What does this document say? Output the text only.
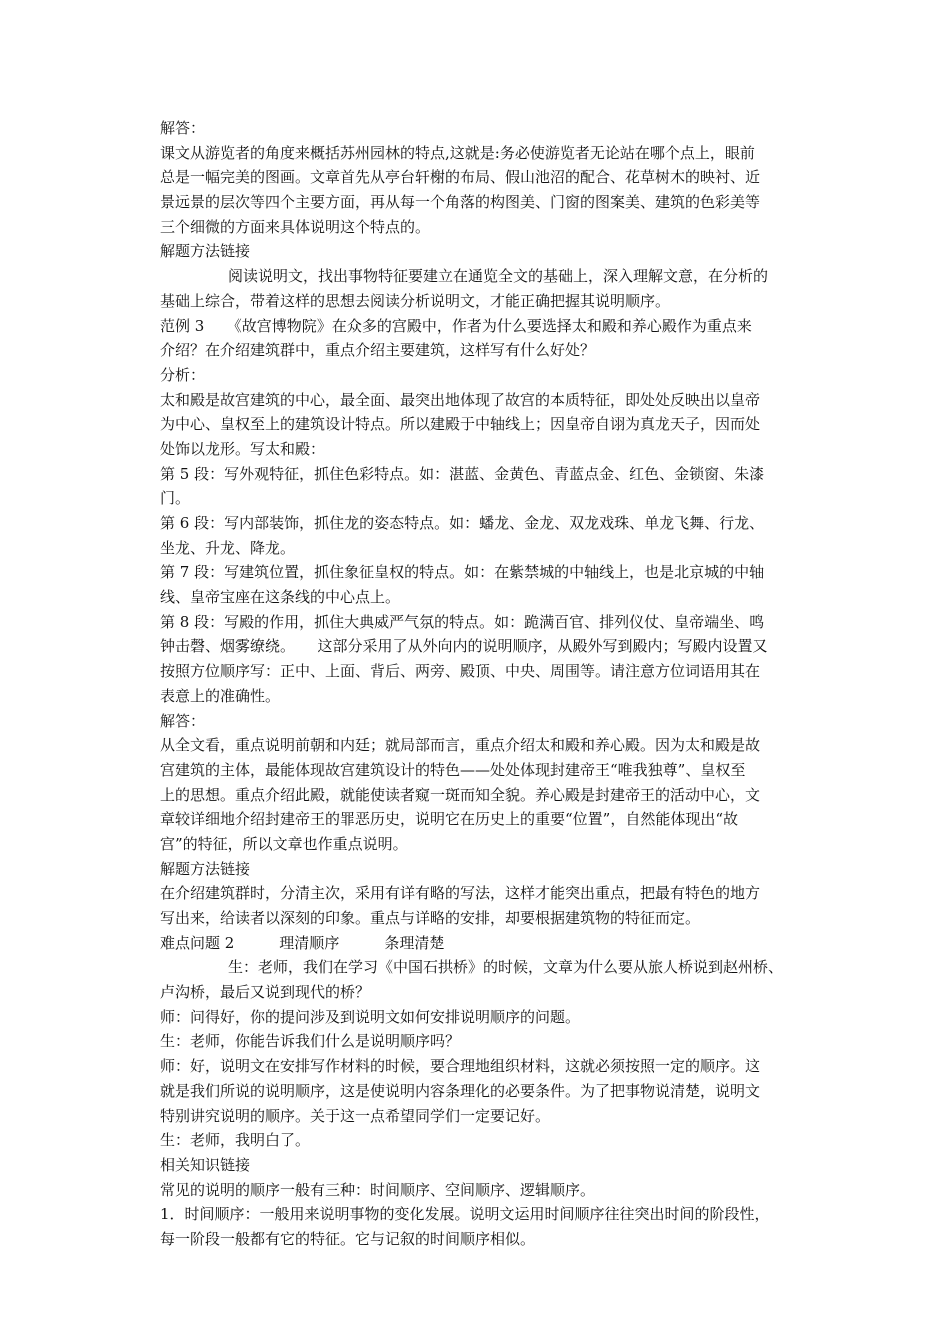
解答：
课文从游览者的角度来概括苏州园林的特点,这就是:务必使游览者无论站在哪个点上，眼前
总是一幅完美的图画。文章首先从亭台轩榭的布局、假山池沼的配合、花草树木的映衬、近
景远景的层次等四个主要方面，再从每一个角落的构图美、门窗的图案美、建筑的色彩美等
三个细微的方面来具体说明这个特点的。
解题方法链接
阅读说明文，找出事物特征要建立在通览全文的基础上，深入理解文意，在分析的
基础上综合，带着这样的思想去阅读分析说明文，才能正确把握其说明顺序。
范例 3　　《故宫博物院》在众多的宫殿中，作者为什么要选择太和殿和养心殿作为重点来
介绍？在介绍建筑群中，重点介绍主要建筑，这样写有什么好处？
分析：
太和殿是故宫建筑的中心，最全面、最突出地体现了故宫的本质特征，即处处反映出以皇帝
为中心、皇权至上的建筑设计特点。所以建殿于中轴线上；因皇帝自诩为真龙天子，因而处
处饰以龙形。写太和殿：
第 5 段：写外观特征，抓住色彩特点。如：湛蓝、金黄色、青蓝点金、红色、金锁窗、朱漆
门。
第 6 段：写内部装饰，抓住龙的姿态特点。如：蟠龙、金龙、双龙戏珠、单龙飞舞、行龙、
坐龙、升龙、降龙。
第 7 段：写建筑位置，抓住象征皇权的特点。如：在紫禁城的中轴线上，也是北京城的中轴
线、皇帝宝座在这条线的中心点上。
第 8 段：写殿的作用，抓住大典威严气氛的特点。如：跪满百官、排列仪仗、皇帝端坐、鸣
钟击磬、烟雾缭绕。　　这部分采用了从外向内的说明顺序，从殿外写到殿内；写殿内设置又
按照方位顺序写：正中、上面、背后、两旁、殿顶、中央、周围等。请注意方位词语用其在
表意上的准确性。
解答：
从全文看，重点说明前朝和内廷；就局部而言，重点介绍太和殿和养心殿。因为太和殿是故
宫建筑的主体，最能体现故宫建筑设计的特色——处处体现封建帝王“唯我独尊”、皇权至
上的思想。重点介绍此殿，就能使读者窥一斑而知全貌。养心殿是封建帝王的活动中心，文
章较详细地介绍封建帝王的罪恶历史，说明它在历史上的重要“位置”，自然能体现出“故
宫”的特征，所以文章也作重点说明。
解题方法链接
在介绍建筑群时，分清主次，采用有详有略的写法，这样才能突出重点，把最有特色的地方
写出来，给读者以深刻的印象。重点与详略的安排，却要根据建筑物的特征而定。
难点问题 2　　　理清顺序　　　条理清楚
生：老师，我们在学习《中国石拱桥》的时候，文章为什么要从旅人桥说到赵州桥、
卢沟桥，最后又说到现代的桥？
师：问得好，你的提问涉及到说明文如何安排说明顺序的问题。
生：老师，你能告诉我们什么是说明顺序吗？
师：好，说明文在安排写作材料的时候，要合理地组织材料，这就必须按照一定的顺序。这
就是我们所说的说明顺序，这是使说明内容条理化的必要条件。为了把事物说清楚，说明文
特别讲究说明的顺序。关于这一点希望同学们一定要记好。
生：老师，我明白了。
相关知识链接
常见的说明的顺序一般有三种：时间顺序、空间顺序、逻辑顺序。
1．时间顺序：一般用来说明事物的变化发展。说明文运用时间顺序往往突出时间的阶段性，
每一阶段一般都有它的特征。它与记叙的时间顺序相似。
